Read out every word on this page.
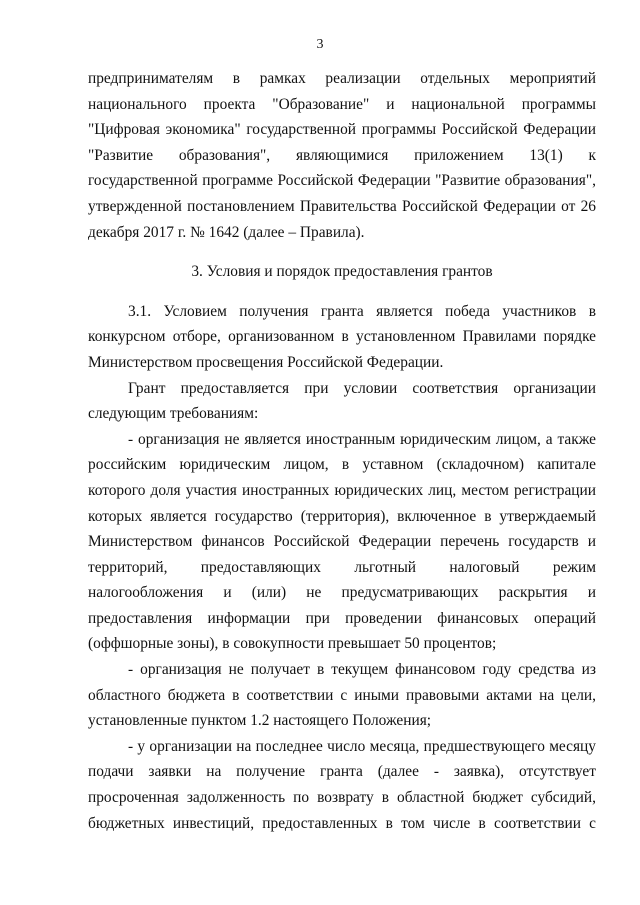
3

предпринимателям в рамках реализации отдельных мероприятий национального проекта "Образование" и национальной программы "Цифровая экономика" государственной программы Российской Федерации "Развитие образования", являющимися приложением 13(1) к государственной программе Российской Федерации "Развитие образования", утвержденной постановлением Правительства Российской Федерации от 26 декабря 2017 г. № 1642 (далее – Правила).

3. Условия и порядок предоставления грантов

3.1. Условием получения гранта является победа участников в конкурсном отборе, организованном в установленном Правилами порядке Министерством просвещения Российской Федерации.

Грант предоставляется при условии соответствия организации следующим требованиям:

- организация не является иностранным юридическим лицом, а также российским юридическим лицом, в уставном (складочном) капитале которого доля участия иностранных юридических лиц, местом регистрации которых является государство (территория), включенное в утверждаемый Министерством финансов Российской Федерации перечень государств и территорий, предоставляющих льготный налоговый режим налогообложения и (или) не предусматривающих раскрытия и предоставления информации при проведении финансовых операций (оффшорные зоны), в совокупности превышает 50 процентов;

- организация не получает в текущем финансовом году средства из областного бюджета в соответствии с иными правовыми актами на цели, установленные пунктом 1.2 настоящего Положения;

- у организации на последнее число месяца, предшествующего месяцу подачи заявки на получение гранта (далее - заявка), отсутствует просроченная задолженность по возврату в областной бюджет субсидий, бюджетных инвестиций, предоставленных в том числе в соответствии с
